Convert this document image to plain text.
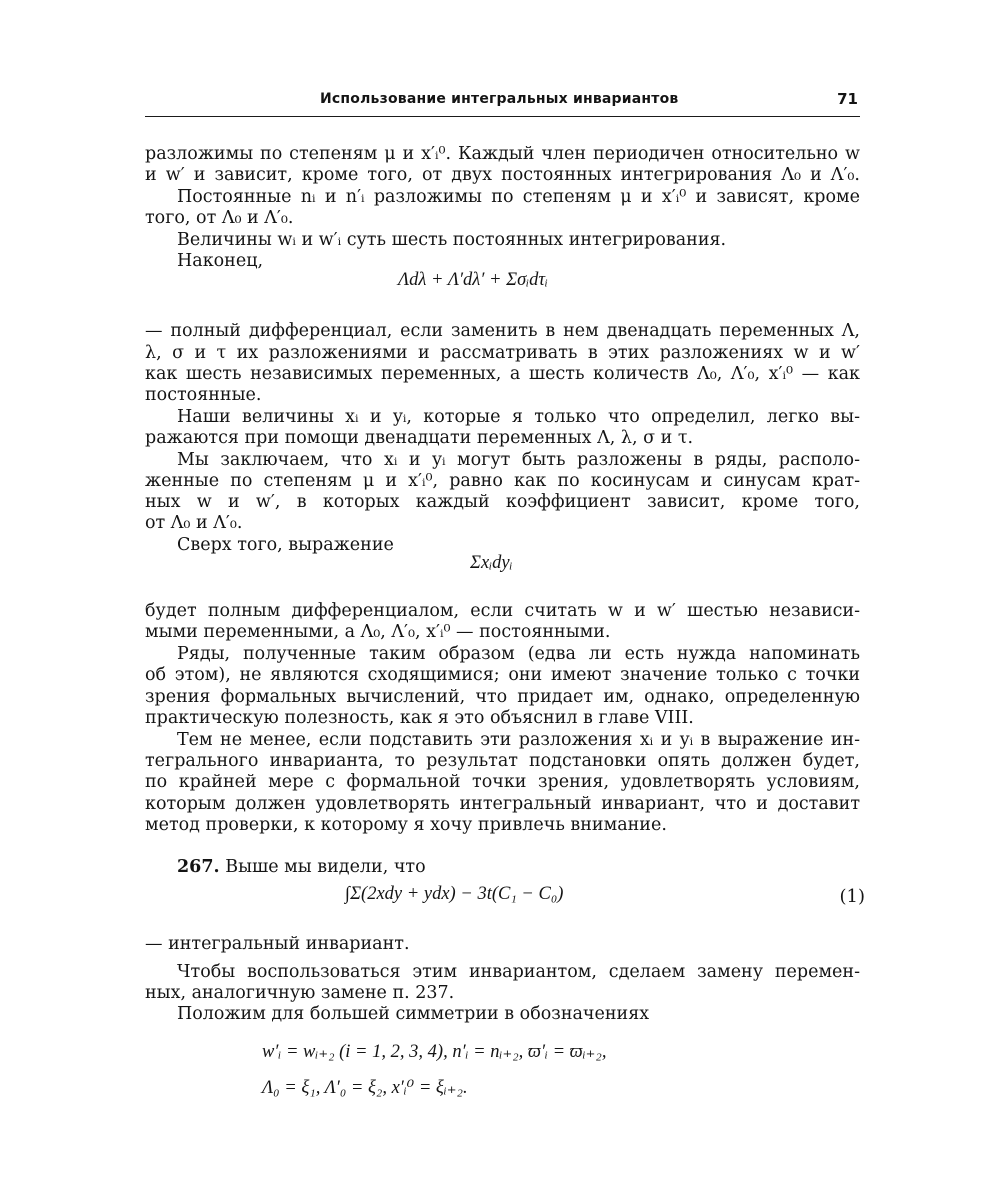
Использование интегральных инвариантов	71
разложимы по степеням μ и x′ᵢ⁰. Каждый член периодичен относительно w
и w′ и зависит, кроме того, от двух постоянных интегрирования Λ₀ и Λ′₀.
Постоянные nᵢ и n′ᵢ разложимы по степеням μ и x′ᵢ⁰ и зависят, кроме
того, от Λ₀ и Λ′₀.
Величины wᵢ и w′ᵢ суть шесть постоянных интегрирования.
Наконец,
Λdλ + Λ′dλ′ + Σσᵢdτᵢ
— полный дифференциал, если заменить в нем двенадцать переменных Λ,
λ, σ и τ их разложениями и рассматривать в этих разложениях w и w′
как шесть независимых переменных, а шесть количеств Λ₀, Λ′₀, x′ᵢ⁰ — как
постоянные.
Наши величины xᵢ и yᵢ, которые я только что определил, легко вы-
ражаются при помощи двенадцати переменных Λ, λ, σ и τ.
Мы заключаем, что xᵢ и yᵢ могут быть разложены в ряды, располо-
женные по степеням μ и x′ᵢ⁰, равно как по косинусам и синусам крат-
ных w и w′, в которых каждый коэффициент зависит, кроме того,
от Λ₀ и Λ′₀.
Сверх того, выражение
Σxᵢdyᵢ
будет полным дифференциалом, если считать w и w′ шестью независи-
мыми переменными, а Λ₀, Λ′₀, x′ᵢ⁰ — постоянными.
Ряды, полученные таким образом (едва ли есть нужда напоминать
об этом), не являются сходящимися; они имеют значение только с точки
зрения формальных вычислений, что придает им, однако, определенную
практическую полезность, как я это объяснил в главе VIII.
Тем не менее, если подставить эти разложения xᵢ и yᵢ в выражение ин-
тегрального инварианта, то результат подстановки опять должен будет,
по крайней мере с формальной точки зрения, удовлетворять условиям,
которым должен удовлетворять интегральный инвариант, что и доставит
метод проверки, к которому я хочу привлечь внимание.
267. Выше мы видели, что
∫Σ(2xdy + ydx) − 3t(C₁ − C₀)	(1)
— интегральный инвариант.
Чтобы воспользоваться этим инвариантом, сделаем замену перемен-
ных, аналогичную замене п. 237.
Положим для большей симметрии в обозначениях
w′ᵢ = wᵢ₊₂ (i = 1, 2, 3, 4), n′ᵢ = nᵢ₊₂, ϖ′ᵢ = ϖᵢ₊₂,
Λ₀ = ξ₁, Λ′₀ = ξ₂, x′ᵢ⁰ = ξᵢ₊₂.
